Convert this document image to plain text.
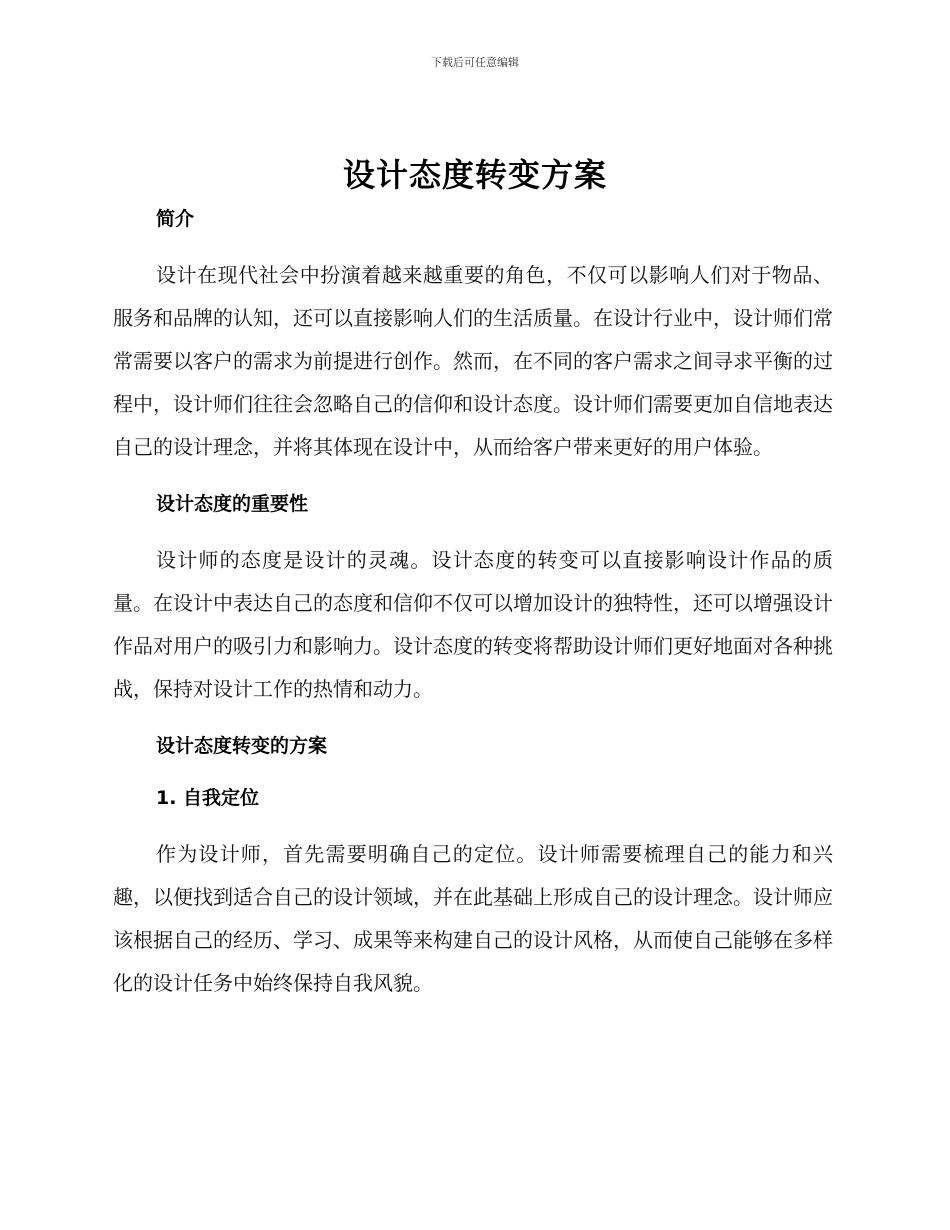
下载后可任意编辑
设计态度转变方案
简介

设计在现代社会中扮演着越来越重要的角色，不仅可以影响人们对于物品、服务和品牌的认知，还可以直接影响人们的生活质量。在设计行业中，设计师们常常需要以客户的需求为前提进行创作。然而，在不同的客户需求之间寻求平衡的过程中，设计师们往往会忽略自己的信仰和设计态度。设计师们需要更加自信地表达自己的设计理念，并将其体现在设计中，从而给客户带来更好的用户体验。

设计态度的重要性

设计师的态度是设计的灵魂。设计态度的转变可以直接影响设计作品的质量。在设计中表达自己的态度和信仰不仅可以增加设计的独特性，还可以增强设计作品对用户的吸引力和影响力。设计态度的转变将帮助设计师们更好地面对各种挑战，保持对设计工作的热情和动力。

设计态度转变的方案
1. 自我定位

作为设计师，首先需要明确自己的定位。设计师需要梳理自己的能力和兴趣，以便找到适合自己的设计领域，并在此基础上形成自己的设计理念。设计师应该根据自己的经历、学习、成果等来构建自己的设计风格，从而使自己能够在多样化的设计任务中始终保持自我风貌。
